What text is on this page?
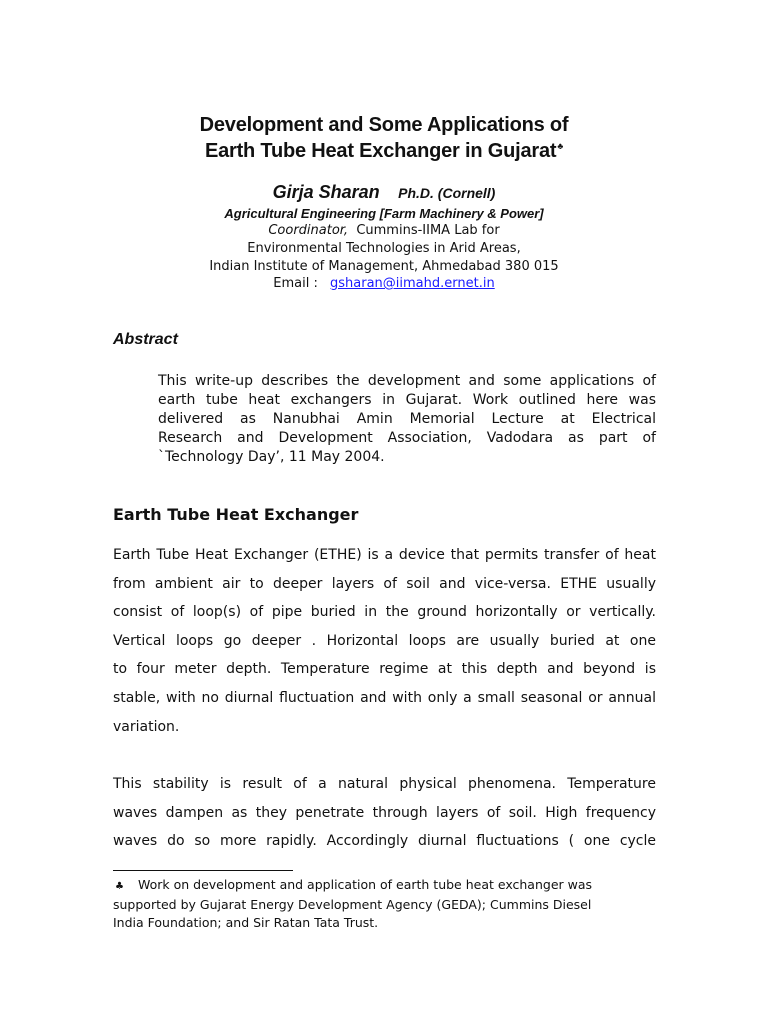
Development and Some Applications of
Earth Tube Heat Exchanger in Gujarat♣
Girja Sharan Ph.D. (Cornell)
Agricultural Engineering [Farm Machinery & Power]
Coordinator, Cummins-IIMA Lab for
Environmental Technologies in Arid Areas,
Indian Institute of Management, Ahmedabad 380 015
Email : gsharan@iimahd.ernet.in
Abstract
This write-up describes the development and some applications of
earth tube heat exchangers in Gujarat. Work outlined here was
delivered as Nanubhai Amin Memorial Lecture at Electrical
Research and Development Association, Vadodara as part of
`Technology Day’, 11 May 2004.
Earth Tube Heat Exchanger
Earth Tube Heat Exchanger (ETHE) is a device that permits transfer of heat
from ambient air to deeper layers of soil and vice-versa. ETHE usually
consist of loop(s) of pipe buried in the ground horizontally or vertically.
Vertical loops go deeper . Horizontal loops are usually buried at one
to four meter depth. Temperature regime at this depth and beyond is
stable, with no diurnal fluctuation and with only a small seasonal or annual
variation.
This stability is result of a natural physical phenomena. Temperature
waves dampen as they penetrate through layers of soil. High frequency
waves do so more rapidly. Accordingly diurnal fluctuations ( one cycle
♣ Work on development and application of earth tube heat exchanger was
supported by Gujarat Energy Development Agency (GEDA); Cummins Diesel
India Foundation; and Sir Ratan Tata Trust.
